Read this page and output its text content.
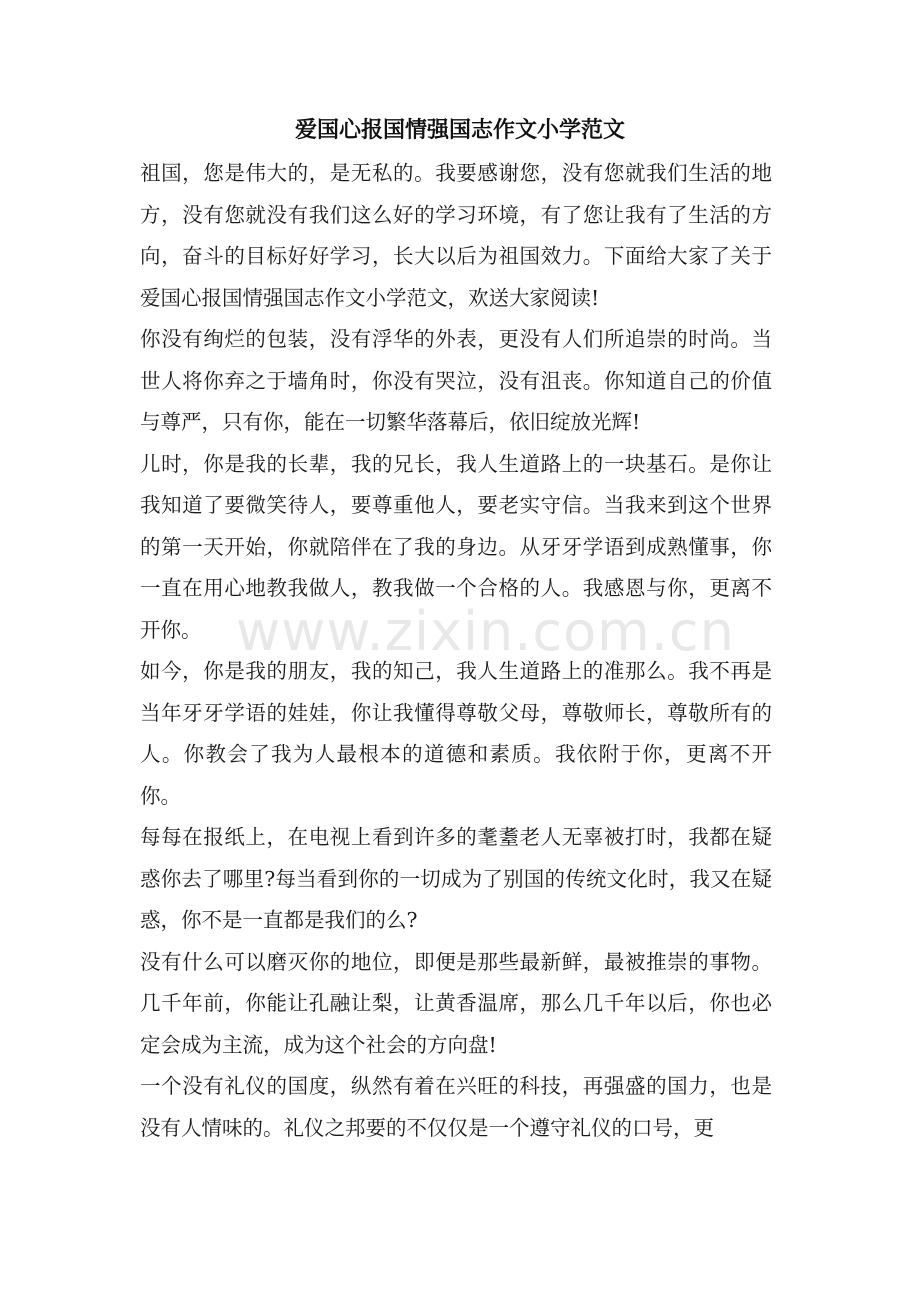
爱国心报国情强国志作文小学范文

祖国，您是伟大的，是无私的。我要感谢您，没有您就我们生活的地方，没有您就没有我们这么好的学习环境，有了您让我有了生活的方向，奋斗的目标好好学习，长大以后为祖国效力。下面给大家了关于爱国心报国情强国志作文小学范文，欢送大家阅读!

你没有绚烂的包装，没有浮华的外表，更没有人们所追崇的时尚。当世人将你弃之于墙角时，你没有哭泣，没有沮丧。你知道自己的价值与尊严，只有你，能在一切繁华落幕后，依旧绽放光辉!

儿时，你是我的长辈，我的兄长，我人生道路上的一块基石。是你让我知道了要微笑待人，要尊重他人，要老实守信。当我来到这个世界的第一天开始，你就陪伴在了我的身边。从牙牙学语到成熟懂事，你一直在用心地教我做人，教我做一个合格的人。我感恩与你，更离不开你。

如今，你是我的朋友，我的知己，我人生道路上的准那么。我不再是当年牙牙学语的娃娃，你让我懂得尊敬父母，尊敬师长，尊敬所有的人。你教会了我为人最根本的道德和素质。我依附于你，更离不开你。

每每在报纸上，在电视上看到许多的耄耋老人无辜被打时，我都在疑惑你去了哪里?每当看到你的一切成为了别国的传统文化时，我又在疑惑，你不是一直都是我们的么?

没有什么可以磨灭你的地位，即便是那些最新鲜，最被推崇的事物。几千年前，你能让孔融让梨，让黄香温席，那么几千年以后，你也必定会成为主流，成为这个社会的方向盘!

一个没有礼仪的国度，纵然有着在兴旺的科技，再强盛的国力，也是没有人情味的。礼仪之邦要的不仅仅是一个遵守礼仪的口号，更

www.zixin.com.cn
